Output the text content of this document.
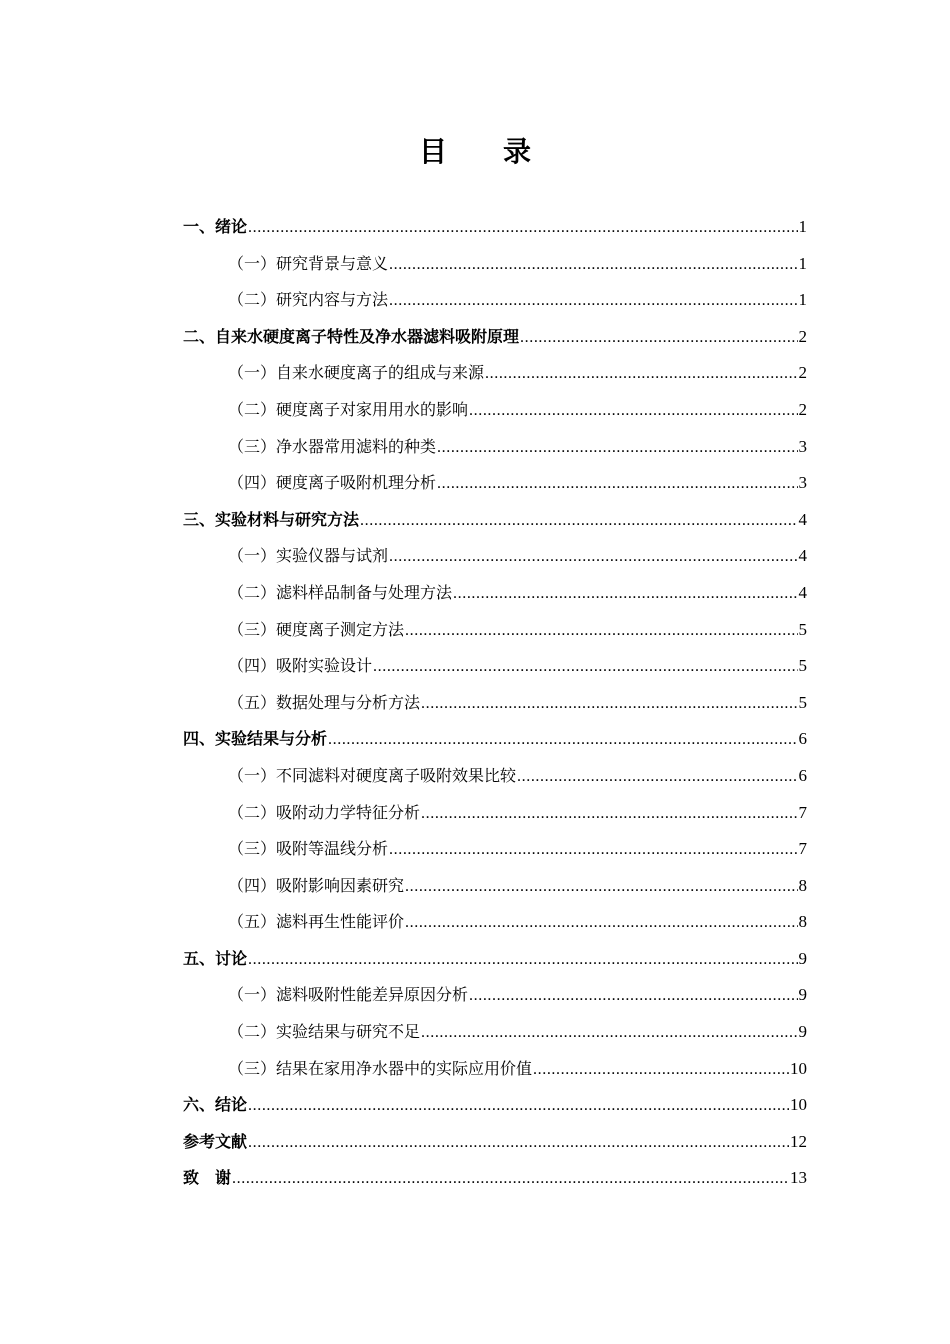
目　录
一、绪论 .....	1
（一）研究背景与意义 .....	1
（二）研究内容与方法 .....	1
二、自来水硬度离子特性及净水器滤料吸附原理 .....	2
（一）自来水硬度离子的组成与来源 .....	2
（二）硬度离子对家用用水的影响 .....	2
（三）净水器常用滤料的种类 .....	3
（四）硬度离子吸附机理分析 .....	3
三、实验材料与研究方法 .....	4
（一）实验仪器与试剂 .....	4
（二）滤料样品制备与处理方法 .....	4
（三）硬度离子测定方法 .....	5
（四）吸附实验设计 .....	5
（五）数据处理与分析方法 .....	5
四、实验结果与分析 .....	6
（一）不同滤料对硬度离子吸附效果比较 .....	6
（二）吸附动力学特征分析 .....	7
（三）吸附等温线分析 .....	7
（四）吸附影响因素研究 .....	8
（五）滤料再生性能评价 .....	8
五、讨论 .....	9
（一）滤料吸附性能差异原因分析 .....	9
（二）实验结果与研究不足 .....	9
（三）结果在家用净水器中的实际应用价值 .....	10
六、结论 .....	10
参考文献 .....	12
致　谢 .....	13
